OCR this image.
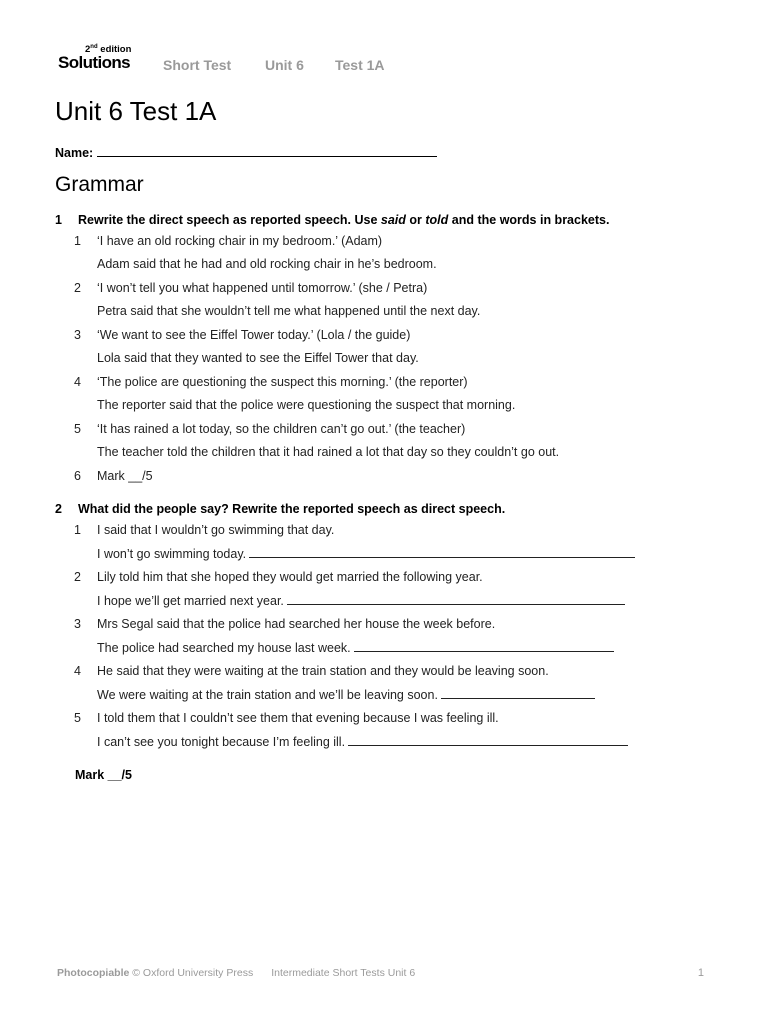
2nd edition
Solutions Short Test Unit 6 Test 1A
Unit 6 Test 1A
Name:
Grammar
1 Rewrite the direct speech as reported speech. Use said or told and the words in brackets.
1 ‘I have an old rocking chair in my bedroom.’ (Adam)
Adam said that he had and old rocking chair in he’s bedroom.
2 ‘I won’t tell you what happened until tomorrow.’ (she / Petra)
Petra said that she wouldn’t tell me what happened until the next day.
3 ‘We want to see the Eiffel Tower today.’ (Lola / the guide)
Lola said that they wanted to see the Eiffel Tower that day.
4 ‘The police are questioning the suspect this morning.’ (the reporter)
The reporter said that the police were questioning the suspect that morning.
5 ‘It has rained a lot today, so the children can’t go out.’ (the teacher)
The teacher told the children that it had rained a lot that day so they couldn’t go out.
6 Mark __/5
2 What did the people say? Rewrite the reported speech as direct speech.
1 I said that I wouldn’t go swimming that day.
I won’t go swimming today.
2 Lily told him that she hoped they would get married the following year.
I hope we’ll get married next year.
3 Mrs Segal said that the police had searched her house the week before.
The police had searched my house last week.
4 He said that they were waiting at the train station and they would be leaving soon.
We were waiting at the train station and we’ll be leaving soon.
5 I told them that I couldn’t see them that evening because I was feeling ill.
I can’t see you tonight because I’m feeling ill.
Mark __/5
Photocopiable © Oxford University Press Intermediate Short Tests Unit 6	1
